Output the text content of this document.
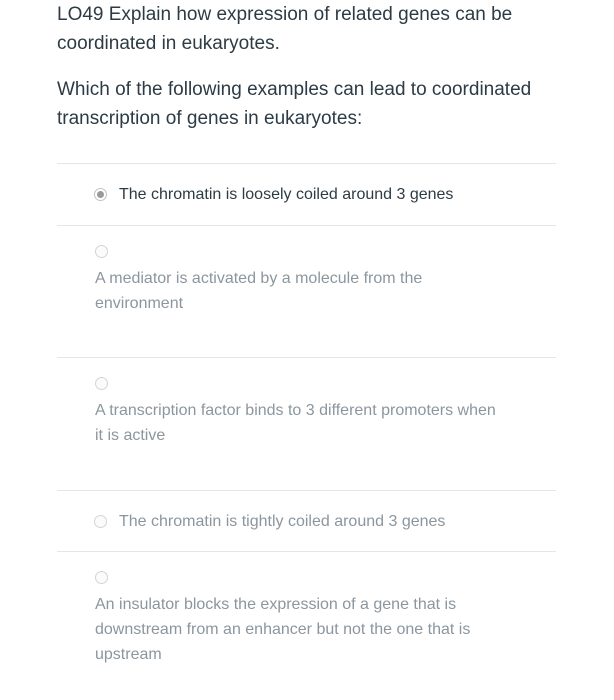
LO49 Explain how expression of related genes can be coordinated in eukaryotes.

Which of the following examples can lead to coordinated transcription of genes in eukaryotes:

The chromatin is loosely coiled around 3 genes
A mediator is activated by a molecule from the environment
A transcription factor binds to 3 different promoters when it is active
The chromatin is tightly coiled around 3 genes
An insulator blocks the expression of a gene that is downstream from an enhancer but not the one that is upstream
